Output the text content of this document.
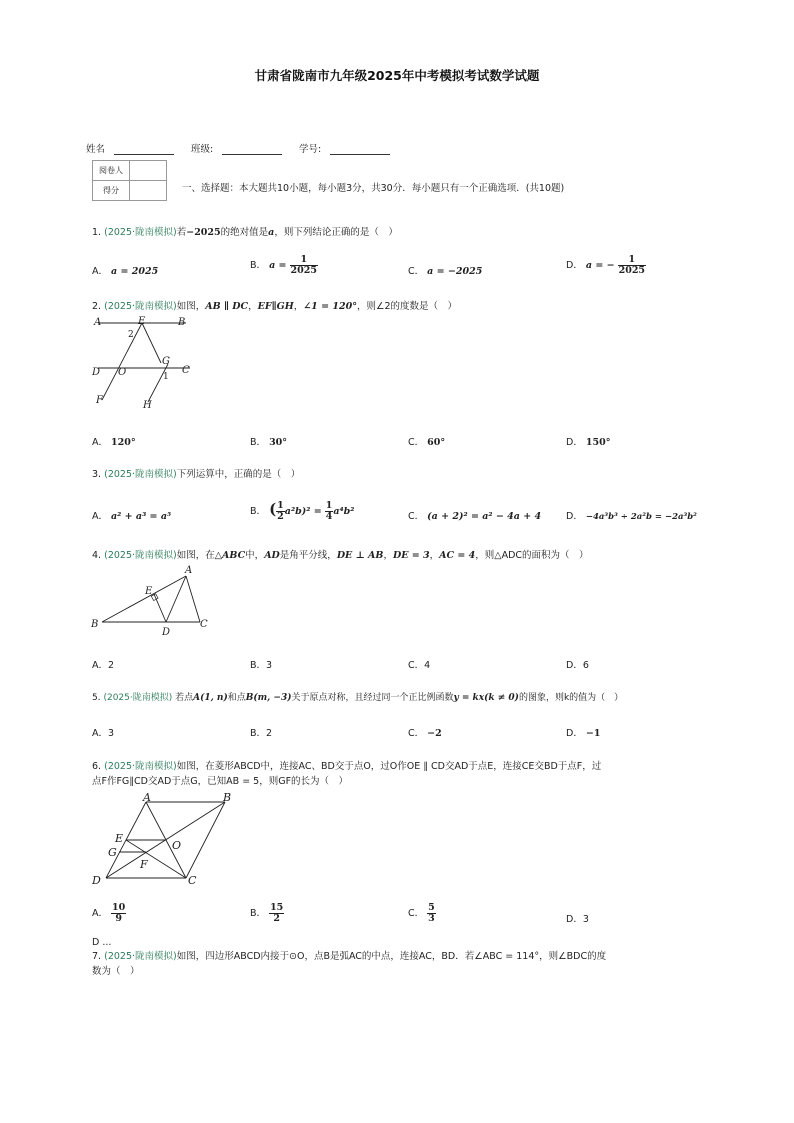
甘肃省陇南市九年级2025年中考模拟考试数学试题
姓名	班级:	学号:
阅卷人	
得分		一、选择题：本大题共10小题，每小题3分，共30分．每小题只有一个正确选项．(共10题)
1. (2025·陇南模拟)若−2025的绝对值是a，则下列结论正确的是（　）
A． a = 2025
B． $a = \frac{1}{2025}$	C． a = −2025
D． a = − $\frac{1}{2025}$
2. (2025·陇南模拟)如图，AB ∥ DC，EF∥GH，∠1 = 120°，则∠2的度数是（　）
A	E	B
2
D O
G
C
1
F	H
A． 120°	B． 30°	C． 60°	D． 150°
3. (2025·陇南模拟)下列运算中，正确的是（　）
A． a² + a³ = a⁵	B． ( $\frac{1}{2} a^2b)^2 = \frac{1}{4} a^4b^2$	C． (a + 2)² = a² − 4a + 4	D． −4a³b³ ÷ 2a²b = −2a³b²
4. (2025·陇南模拟)如图，在△ABC中，AD是角平分线，DE ⊥ AB，DE = 3，AC = 4，则△ADC的面积为（　）
A
E
B
D
C
A．2	B．3	C．4	D．6
5. (2025·陇南模拟) 若点A(1, n)和点B(m, −3)关于原点对称，且经过同一个正比例函数y = kx(k ≠ 0)的图象，则k的值为（　）
A．3	B．2	C． −2	D． −1
6. (2025·陇南模拟)如图，在菱形ABCD中，连接AC、BD交于点O，过O作OE ∥ CD交AD于点E，连接CE交BD于点F，过
点F作FG∥CD交AD于点G，已知AB = 5，则GF的长为（　）
A	B
E
G
O
F
D	C
A． $\frac{10}{9}$	B． $\frac{15}{2}$	C． $\frac{5}{3}$	D．3
D ...
7. (2025·陇南模拟)如图，四边形ABCD内接于⊙O，点B是弧AC的中点，连接AC，BD．若∠ABC = 114°，则∠BDC的度
数为（　）
